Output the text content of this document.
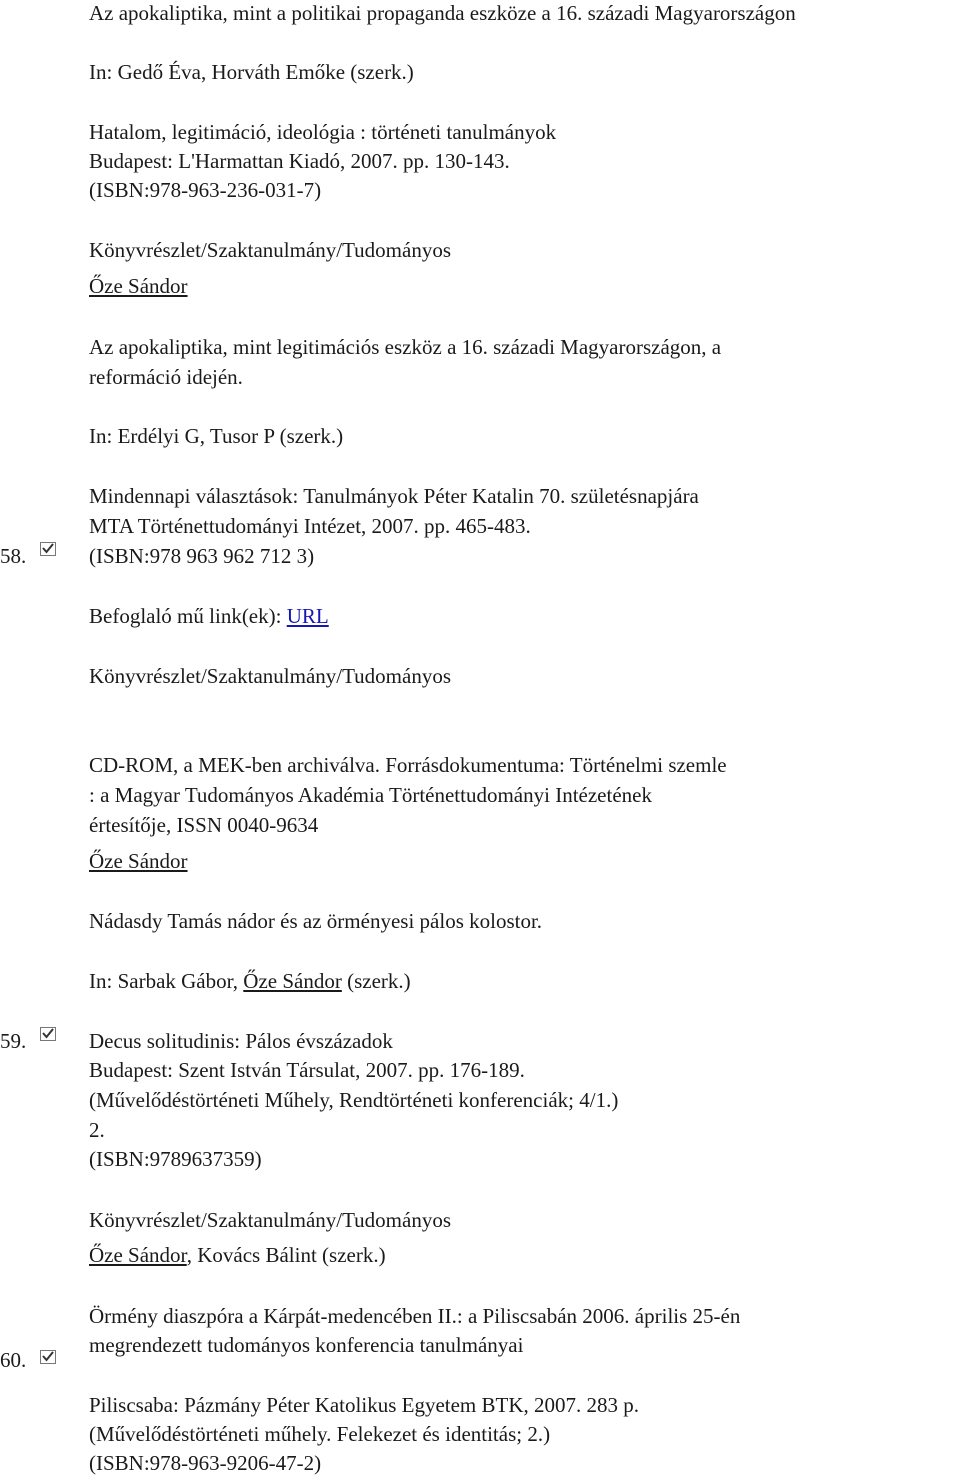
Az apokaliptika, mint a politikai propaganda eszköze a 16. századi Magyarországon
In: Gedő Éva, Horváth Emőke (szerk.)
Hatalom, legitimáció, ideológia : történeti tanulmányok
Budapest: L'Harmattan Kiadó, 2007. pp. 130-143.
(ISBN:978-963-236-031-7)
Könyvrészlet/Szaktanulmány/Tudományos
Őze Sándor
Az apokaliptika, mint legitimációs eszköz a 16. századi Magyarországon, a
reformáció idején.
In: Erdélyi G, Tusor P (szerk.)
Mindennapi választások: Tanulmányok Péter Katalin 70. születésnapjára
MTA Történettudományi Intézet, 2007. pp. 465-483.
58.	(ISBN:978 963 962 712 3)
Befoglaló mű link(ek): URL
Könyvrészlet/Szaktanulmány/Tudományos
CD-ROM, a MEK-ben archiválva. Forrásdokumentuma: Történelmi szemle
: a Magyar Tudományos Akadémia Történettudományi Intézetének
értesítője, ISSN 0040-9634
Őze Sándor
Nádasdy Tamás nádor és az örményesi pálos kolostor.
In: Sarbak Gábor, Őze Sándor (szerk.)
59.	Decus solitudinis: Pálos évszázadok
Budapest: Szent István Társulat, 2007. pp. 176-189.
(Művelődéstörténeti Műhely, Rendtörténeti konferenciák; 4/1.)
2.
(ISBN:9789637359)
Könyvrészlet/Szaktanulmány/Tudományos
Őze Sándor, Kovács Bálint (szerk.)
Örmény diaszpóra a Kárpát-medencében II.: a Piliscsabán 2006. április 25-én
megrendezett tudományos konferencia tanulmányai
60.
Piliscsaba: Pázmány Péter Katolikus Egyetem BTK, 2007. 283 p.
(Művelődéstörténeti műhely. Felekezet és identitás; 2.)
(ISBN:978-963-9206-47-2)
